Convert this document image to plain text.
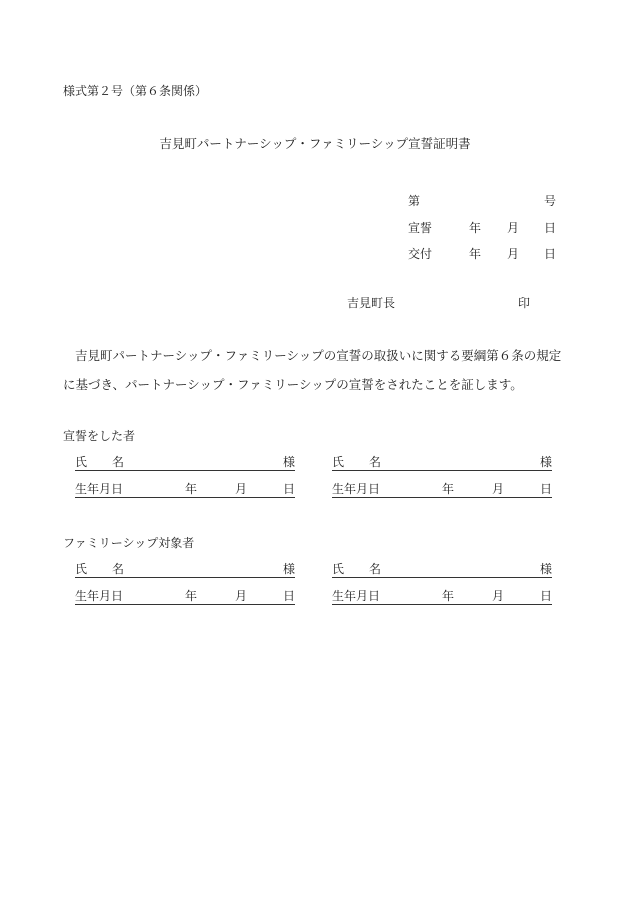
様式第２号（第６条関係）
吉見町パートナーシップ・ファミリーシップ宣誓証明書
第	号
宣誓	年 月 日
交付	年 月 日
吉見町長	印
吉見町パートナーシップ・ファミリーシップの宣誓の取扱いに関する要綱第６条の規定
に基づき、パートナーシップ・ファミリーシップの宣誓をされたことを証します。
宣誓をした者
氏 名	様	氏 名	様
生年月日	年	月	日	生年月日	年	月	日
ファミリーシップ対象者
氏 名	様	氏 名	様
生年月日	年	月	日	生年月日	年	月	日
